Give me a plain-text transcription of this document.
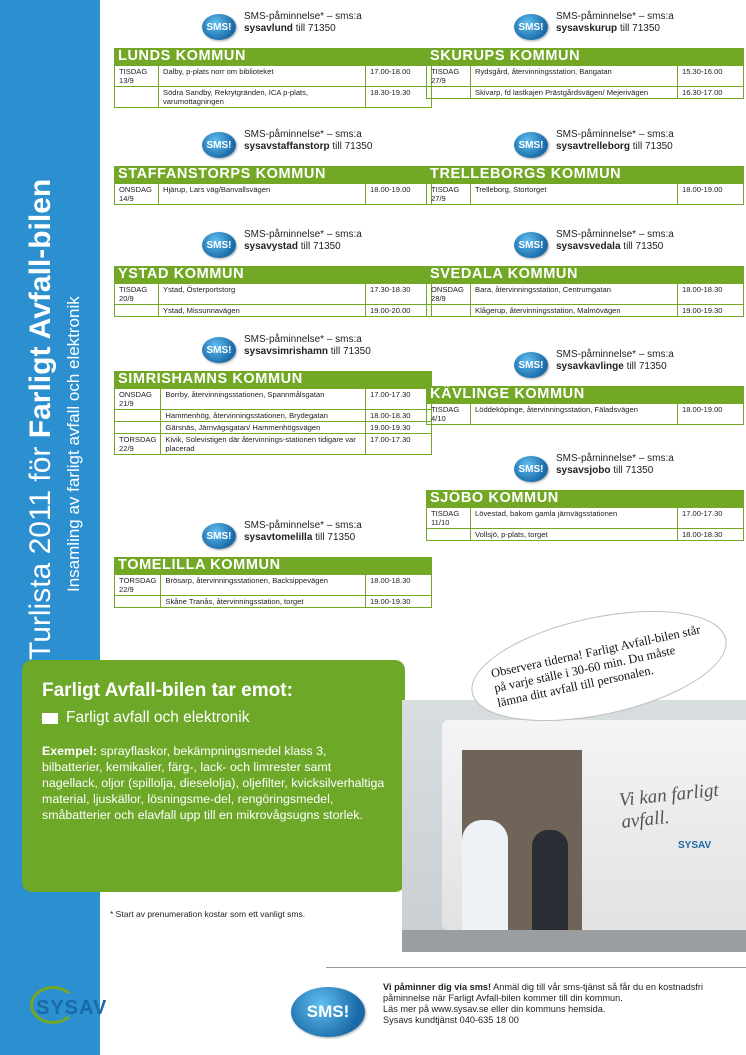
Turlista 2011 för Farligt Avfall-bilen Insamling av farligt avfall och elektronik
SMS!
SMS-påminnelse* – sms:a
sysavlund till 71350
LUNDS KOMMUN
TISDAG
13/9	Dalby, p-plats norr om biblioteket	17.00-18.00
	Södra Sandby, Rekrytgränden, ICA p-plats, varumottagningen	18.30-19.30
SMS!
SMS-påminnelse* – sms:a
sysavskurup till 71350
SKURUPS KOMMUN
TISDAG
27/9	Rydsgård, återvinningsstation, Bangatan	15.30-16.00
	Skivarp, fd lastkajen Prästgårdsvägen/ Mejerivägen	16.30-17.00
SMS!
SMS-påminnelse* – sms:a
sysavstaffanstorp till 71350
STAFFANSTORPS KOMMUN
ONSDAG
14/9	Hjärup, Lars väg/Banvallsvägen	18.00-19.00
SMS!
SMS-påminnelse* – sms:a
sysavtrelleborg till 71350
TRELLEBORGS KOMMUN
TISDAG
27/9	Trelleborg, Stortorget	18.00-19.00
SMS!
SMS-påminnelse* – sms:a
sysavystad till 71350
YSTAD KOMMUN
TISDAG
20/9	Ystad, Österportstorg	17.30-18.30
	Ystad, Missunnavägen	19.00-20.00
SMS!
SMS-påminnelse* – sms:a
sysavsvedala till 71350
SVEDALA KOMMUN
ONSDAG
28/9	Bara, återvinningsstation, Centrumgatan	18.00-18.30
	Klågerup, återvinningsstation, Malmövägen	19.00-19.30
SMS!
SMS-påminnelse* – sms:a
sysavsimrishamn till 71350
SIMRISHAMNS KOMMUN
ONSDAG
21/9	Borrby, återvinningsstationen, Spannmålsgatan	17.00-17.30
	Hammenhög, återvinningsstationen, Brydegatan	18.00-18.30
	Gärsnäs, Järnvägsgatan/ Hammenhögsvägen	19.00-19.30
TORSDAG
22/9	Kivik, Solevistigen där återvinnings-stationen tidigare var placerad	17.00-17.30
SMS!
SMS-påminnelse* – sms:a
sysavkavlinge till 71350
KÄVLINGE KOMMUN
TISDAG
4/10	Löddeköpinge, återvinningsstation, Fäladsvägen	18.00-19.00
SMS!
SMS-påminnelse* – sms:a
sysavsjobo till 71350
SJÖBO KOMMUN
TISDAG
11/10	Lövestad, bakom gamla järnvägsstationen	17.00-17.30
	Vollsjö, p-plats, torget	18.00-18.30
SMS!
SMS-påminnelse* – sms:a
sysavtomelilla till 71350
TOMELILLA KOMMUN
TORSDAG
22/9	Brösarp, återvinningsstationen, Backsippevägen	18.00-18.30
	Skåne Tranås, återvinningsstation, torget	19.00-19.30
Farligt Avfall-bilen tar emot:
Farligt avfall och elektronik

Exempel: sprayflaskor, bekämpningsmedel klass 3, bilbatterier, kemikalier, färg-, lack- och limrester samt nagellack, oljor (spillolja, dieselolja), oljefilter, kvicksilverhaltiga material, ljuskällor, lösningsme-del, rengöringsmedel, småbatterier och elavfall upp till en mikrovågsugns storlek.

* Start av prenumeration kostar som ett vanligt sms.
Vi kan farligt avfall.
SYSAV

Observera tiderna! Farligt Avfall-bilen står på varje ställe i 30-60 min. Du måste lämna ditt avfall till personalen.

SYSAV	SMS!
Vi påminner dig via sms! Anmäl dig till vår sms-tjänst så får du en kostnadsfri påminnelse när Farligt Avfall-bilen kommer till din kommun.
Läs mer på www.sysav.se eller din kommuns hemsida.
Sysavs kundtjänst 040-635 18 00
